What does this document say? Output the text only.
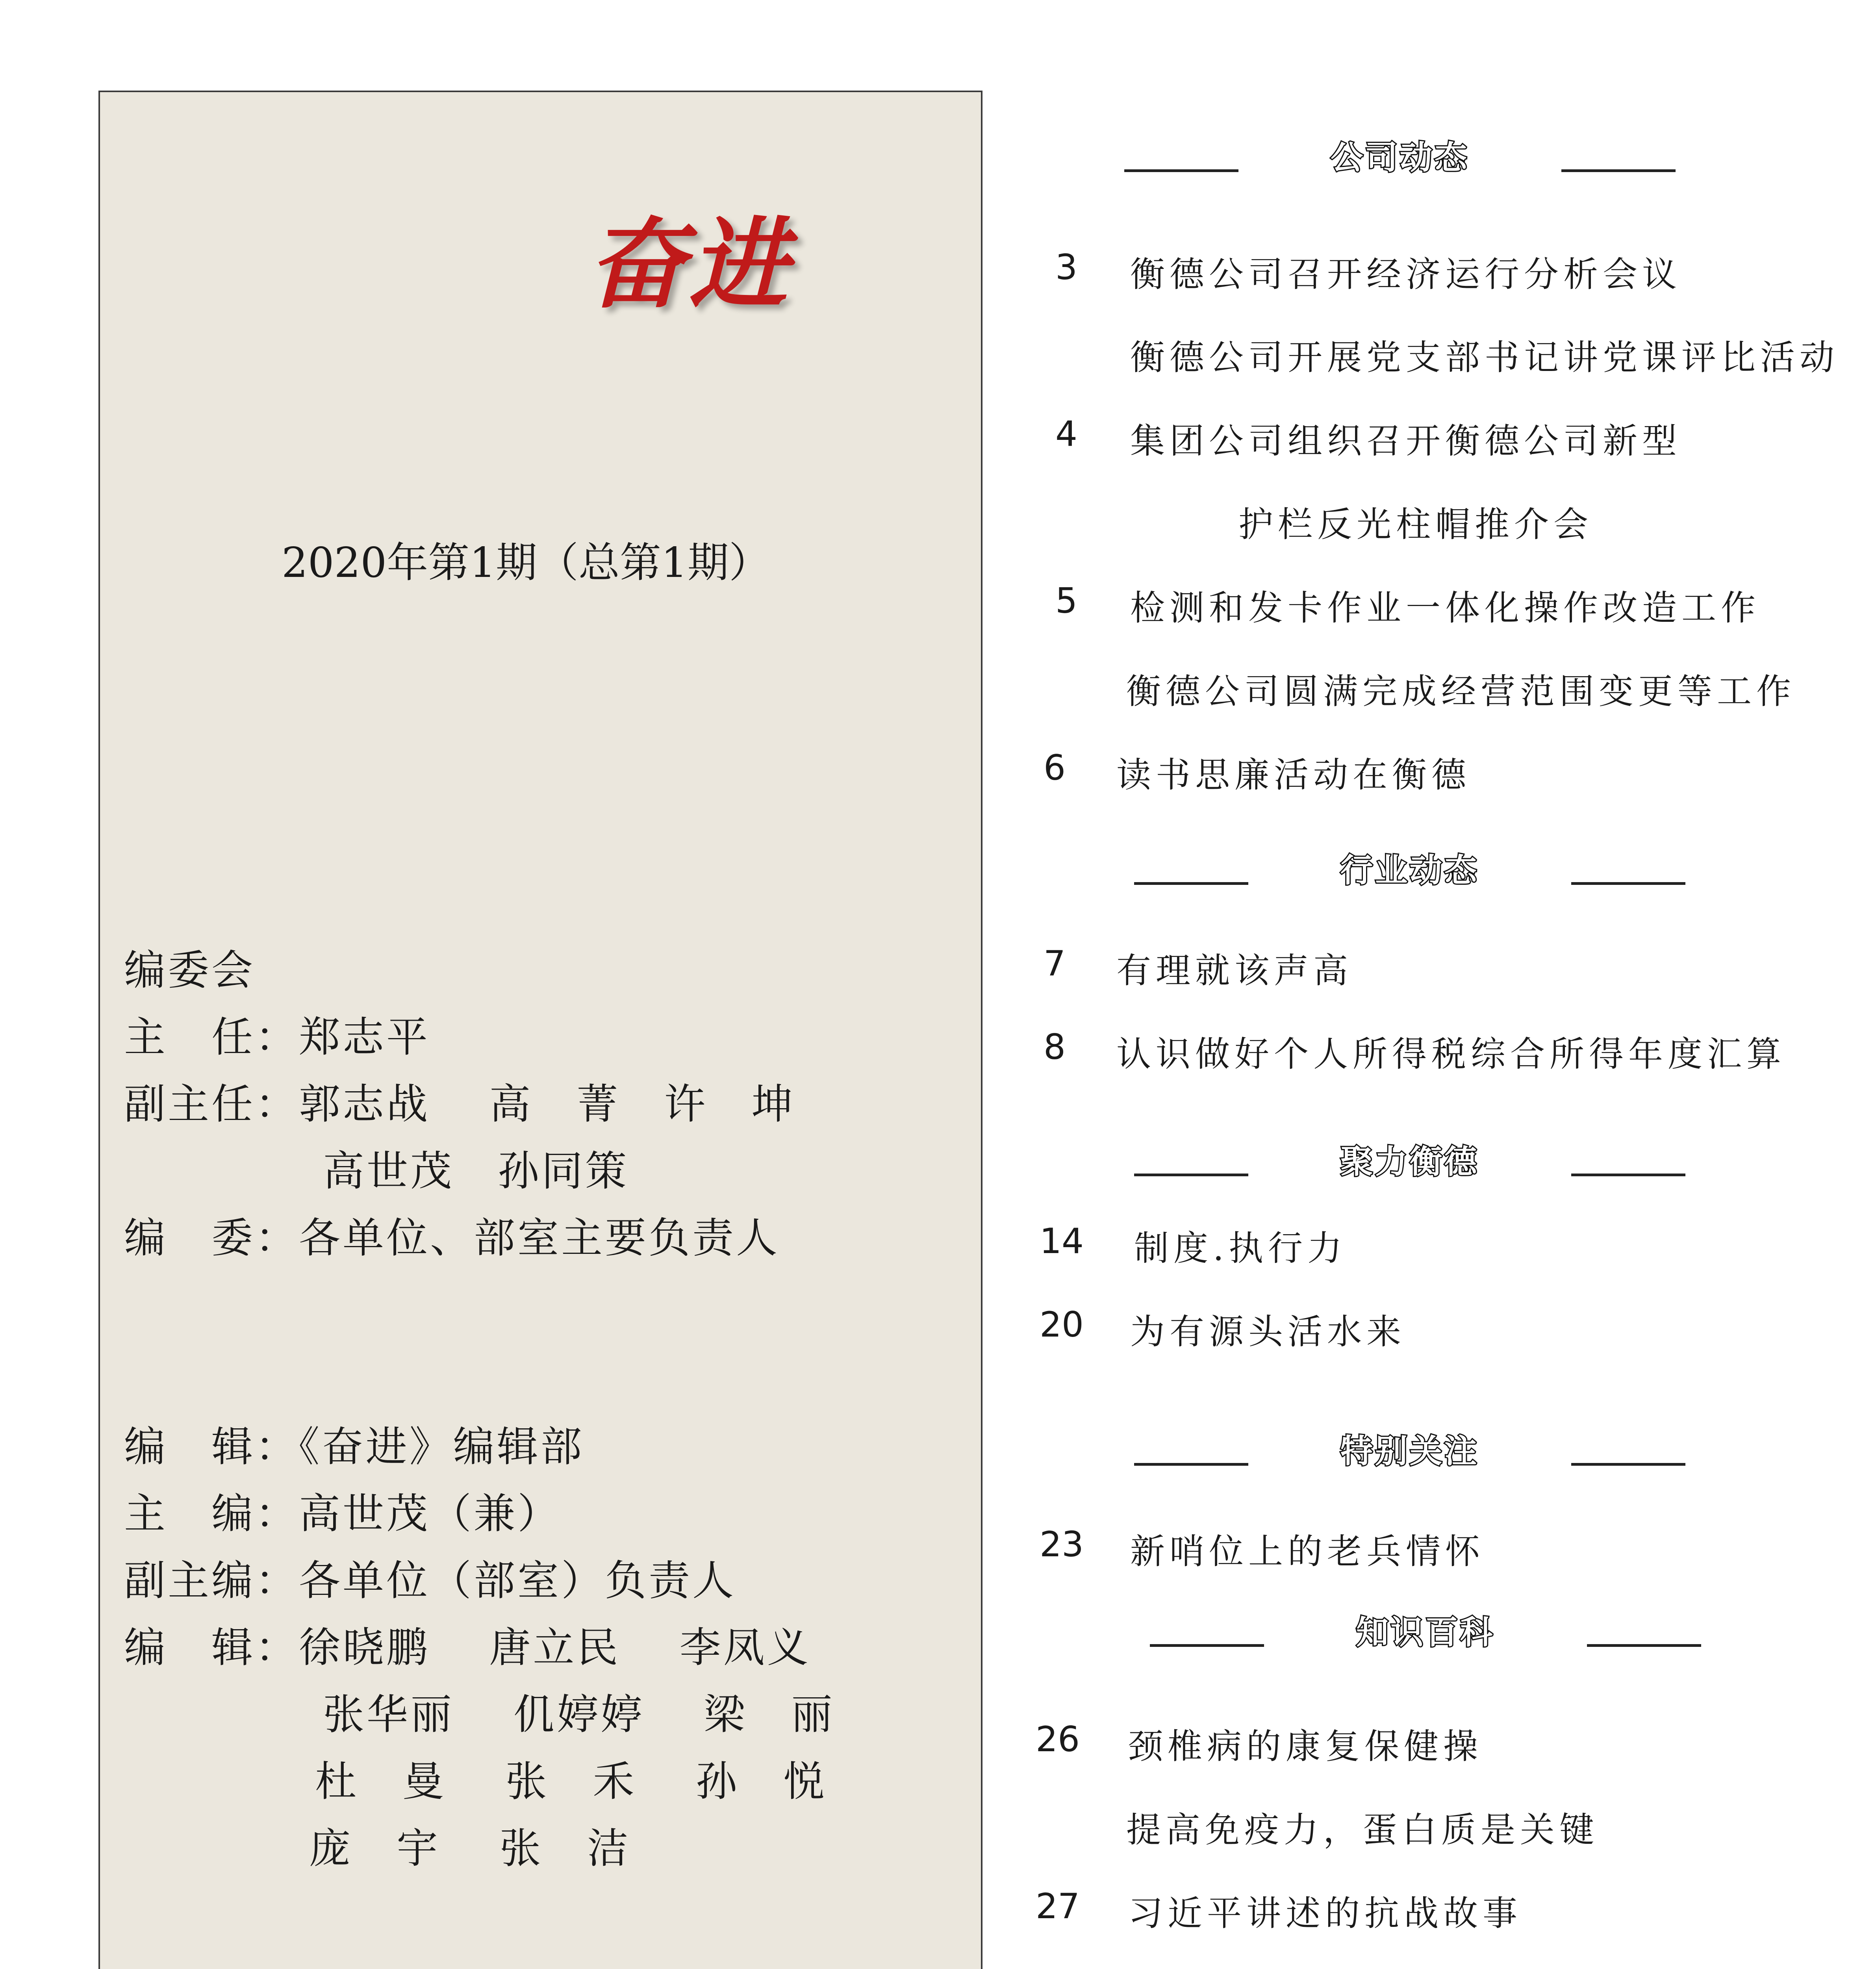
奋进
2020年第1期（总第1期）
编委会
主　任：郑志平
副主任：郭志战　 高　菁　许　坤
高世茂　孙同策
编　委：各单位、部室主要负责人
编　辑：《奋进》编辑部
主　编：高世茂（兼）
副主编：各单位（部室）负责人
编　辑：徐晓鹏　 唐立民　 李凤义
张华丽　 仉婷婷　 梁　丽
杜　曼　 张　禾　 孙　悦
庞　宇　 张　洁
公司动态
3 衡德公司召开经济运行分析会议
衡德公司开展党支部书记讲党课评比活动
4 集团公司组织召开衡德公司新型
护栏反光柱帽推介会
5 检测和发卡作业一体化操作改造工作
衡德公司圆满完成经营范围变更等工作
6 读书思廉活动在衡德
行业动态
7 有理就该声高
8 认识做好个人所得税综合所得年度汇算
聚力衡德
14 制度.执行力
20 为有源头活水来
特别关注
23 新哨位上的老兵情怀
知识百科
26 颈椎病的康复保健操
提高免疫力，蛋白质是关键
27 习近平讲述的抗战故事
